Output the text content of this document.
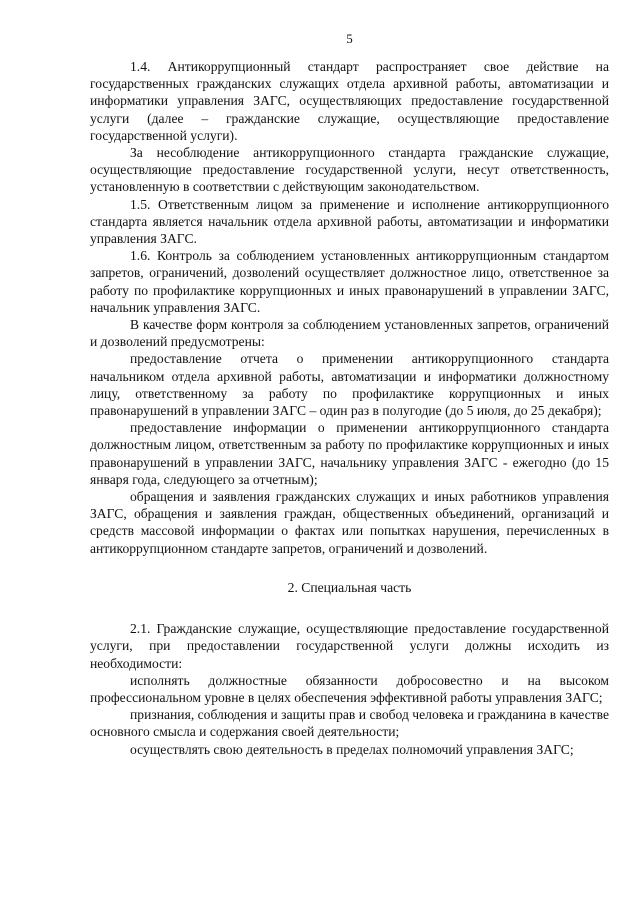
5

1.4. Антикоррупционный стандарт распространяет свое действие на государственных гражданских служащих отдела архивной работы, автоматизации и информатики управления ЗАГС, осуществляющих предоставление государственной услуги (далее – гражданские служащие, осуществляющие предоставление государственной услуги).

За несоблюдение антикоррупционного стандарта гражданские служащие, осуществляющие предоставление государственной услуги, несут ответственность, установленную в соответствии с действующим законодательством.

1.5. Ответственным лицом за применение и исполнение антикоррупционного стандарта является начальник отдела архивной работы, автоматизации и информатики управления ЗАГС.

1.6. Контроль за соблюдением установленных антикоррупционным стандартом запретов, ограничений, дозволений осуществляет должностное лицо, ответственное за работу по профилактике коррупционных и иных правонарушений в управлении ЗАГС, начальник управления ЗАГС.

В качестве форм контроля за соблюдением установленных запретов, ограничений и дозволений предусмотрены:

предоставление отчета о применении антикоррупционного стандарта начальником отдела архивной работы, автоматизации и информатики должностному лицу, ответственному за работу по профилактике коррупционных и иных правонарушений в управлении ЗАГС – один раз в полугодие (до 5 июля, до 25 декабря);

предоставление информации о применении антикоррупционного стандарта должностным лицом, ответственным за работу по профилактике коррупционных и иных правонарушений в управлении ЗАГС, начальнику управления ЗАГС - ежегодно (до 15 января года, следующего за отчетным);

обращения и заявления гражданских служащих и иных работников управления ЗАГС, обращения и заявления граждан, общественных объединений, организаций и средств массовой информации о фактах или попытках нарушения, перечисленных в антикоррупционном стандарте запретов, ограничений и дозволений.

2. Специальная часть

2.1. Гражданские служащие, осуществляющие предоставление государственной услуги, при предоставлении государственной услуги должны исходить из необходимости:

исполнять должностные обязанности добросовестно и на высоком профессиональном уровне в целях обеспечения эффективной работы управления ЗАГС;

признания, соблюдения и защиты прав и свобод человека и гражданина в качестве основного смысла и содержания своей деятельности;

осуществлять свою деятельность в пределах полномочий управления ЗАГС;
